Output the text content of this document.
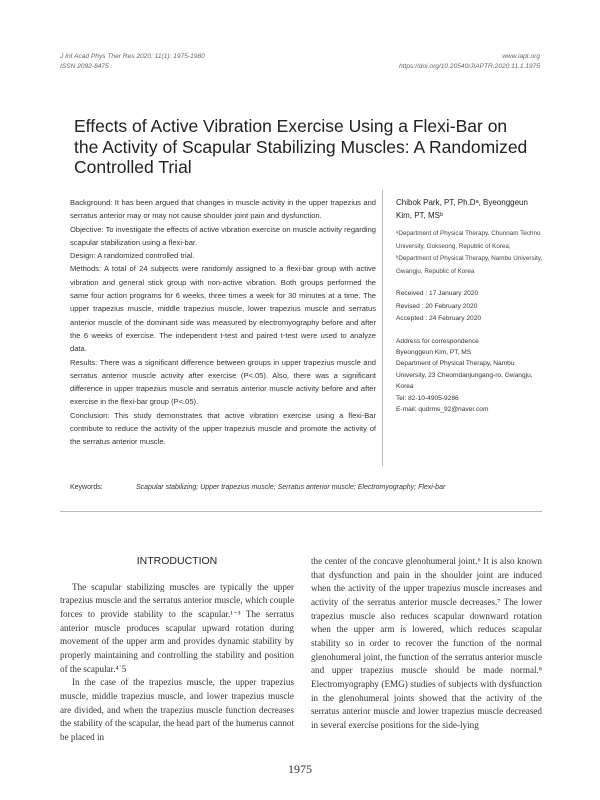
J Int Acad Phys Ther Res 2020; 11(1): 1975-1980
ISSN 2092-8475
www.iapt.org
https://doi.org/10.20540/JIAPTR.2020.11.1.1975
Effects of Active Vibration Exercise Using a Flexi-Bar on the Activity of Scapular Stabilizing Muscles: A Randomized Controlled Trial

Background: It has been argued that changes in muscle activity in the upper trapezius and serratus anterior may or may not cause shoulder joint pain and dysfunction.

Objective: To investigate the effects of active vibration exercise on muscle activity regarding scapular stabilization using a flexi-bar.

Design: A randomized controlled trial.

Methods: A total of 24 subjects were randomly assigned to a flexi-bar group with active vibration and general stick group with non-active vibration. Both groups performed the same four action programs for 6 weeks, three times a week for 30 minutes at a time. The upper trapezius muscle, middle trapezius muscle, lower trapezius muscle and serratus anterior muscle of the dominant side was measured by electromyography before and after the 6 weeks of exercise. The independent t-test and paired t-test were used to analyze data.

Results: There was a significant difference between groups in upper trapezius muscle and serratus anterior muscle activity after exercise (P<.05). Also, there was a significant difference in upper trapezius muscle and serratus anterior muscle activity before and after exercise in the flexi-bar group (P<.05).

Conclusion: This study demonstrates that active vibration exercise using a flexi-Bar contribute to reduce the activity of the upper trapezius muscle and promote the activity of the serratus anterior muscle.

Chibok Park, PT, Ph.Dᵃ, Byeonggeun Kim, PT, MSᵇ

ᵃDepartment of Physical Therapy, Chunnam Techno University, Gokseong, Republic of Korea;

ᵇDepartment of Physical Therapy, Nambu University, Gwangju, Republic of Korea

Received : 17 January 2020

Revised : 20 February 2020

Accepted : 24 February 2020

Address for correspondence

Byeonggeun Kim, PT, MS

Department of Physical Therapy, Nambu University, 23 Cheomdanjungang-ro, Gwangju, Korea

Tel: 82-10-4905-9286

E-mail: qudrms_92@naver.com

Keywords:	Scapular stabilizing; Upper trapezius muscle; Serratus anterior muscle; Electromyography; Flexi-bar
INTRODUCTION

The scapular stabilizing muscles are typically the upper trapezius muscle and the serratus anterior muscle, which couple forces to provide stability to the scapular.¹⁻³ The serratus anterior muscle produces scapular upward rotation during movement of the upper arm and provides dynamic stability by properly maintaining and controlling the stability and position of the scapular.⁴˙5

In the case of the trapezius muscle, the upper trapezius muscle, middle trapezius muscle, and lower trapezius muscle are divided, and when the trapezius muscle function decreases the stability of the scapular, the head part of the humerus cannot be placed in

the center of the concave glenohumeral joint.⁶ It is also known that dysfunction and pain in the shoulder joint are induced when the activity of the upper trapezius muscle increases and activity of the serratus anterior muscle decreases.⁷ The lower trapezius muscle also reduces scapular downward rotation when the upper arm is lowered, which reduces scapular stability so in order to recover the function of the normal glenohumeral joint, the function of the serratus anterior muscle and upper trapezius muscle should be made normal.⁸ Electromyography (EMG) studies of subjects with dysfunction in the glenohumeral joints showed that the activity of the serratus anterior muscle and lower trapezius muscle decreased in several exercise positions for the side-lying

1975
